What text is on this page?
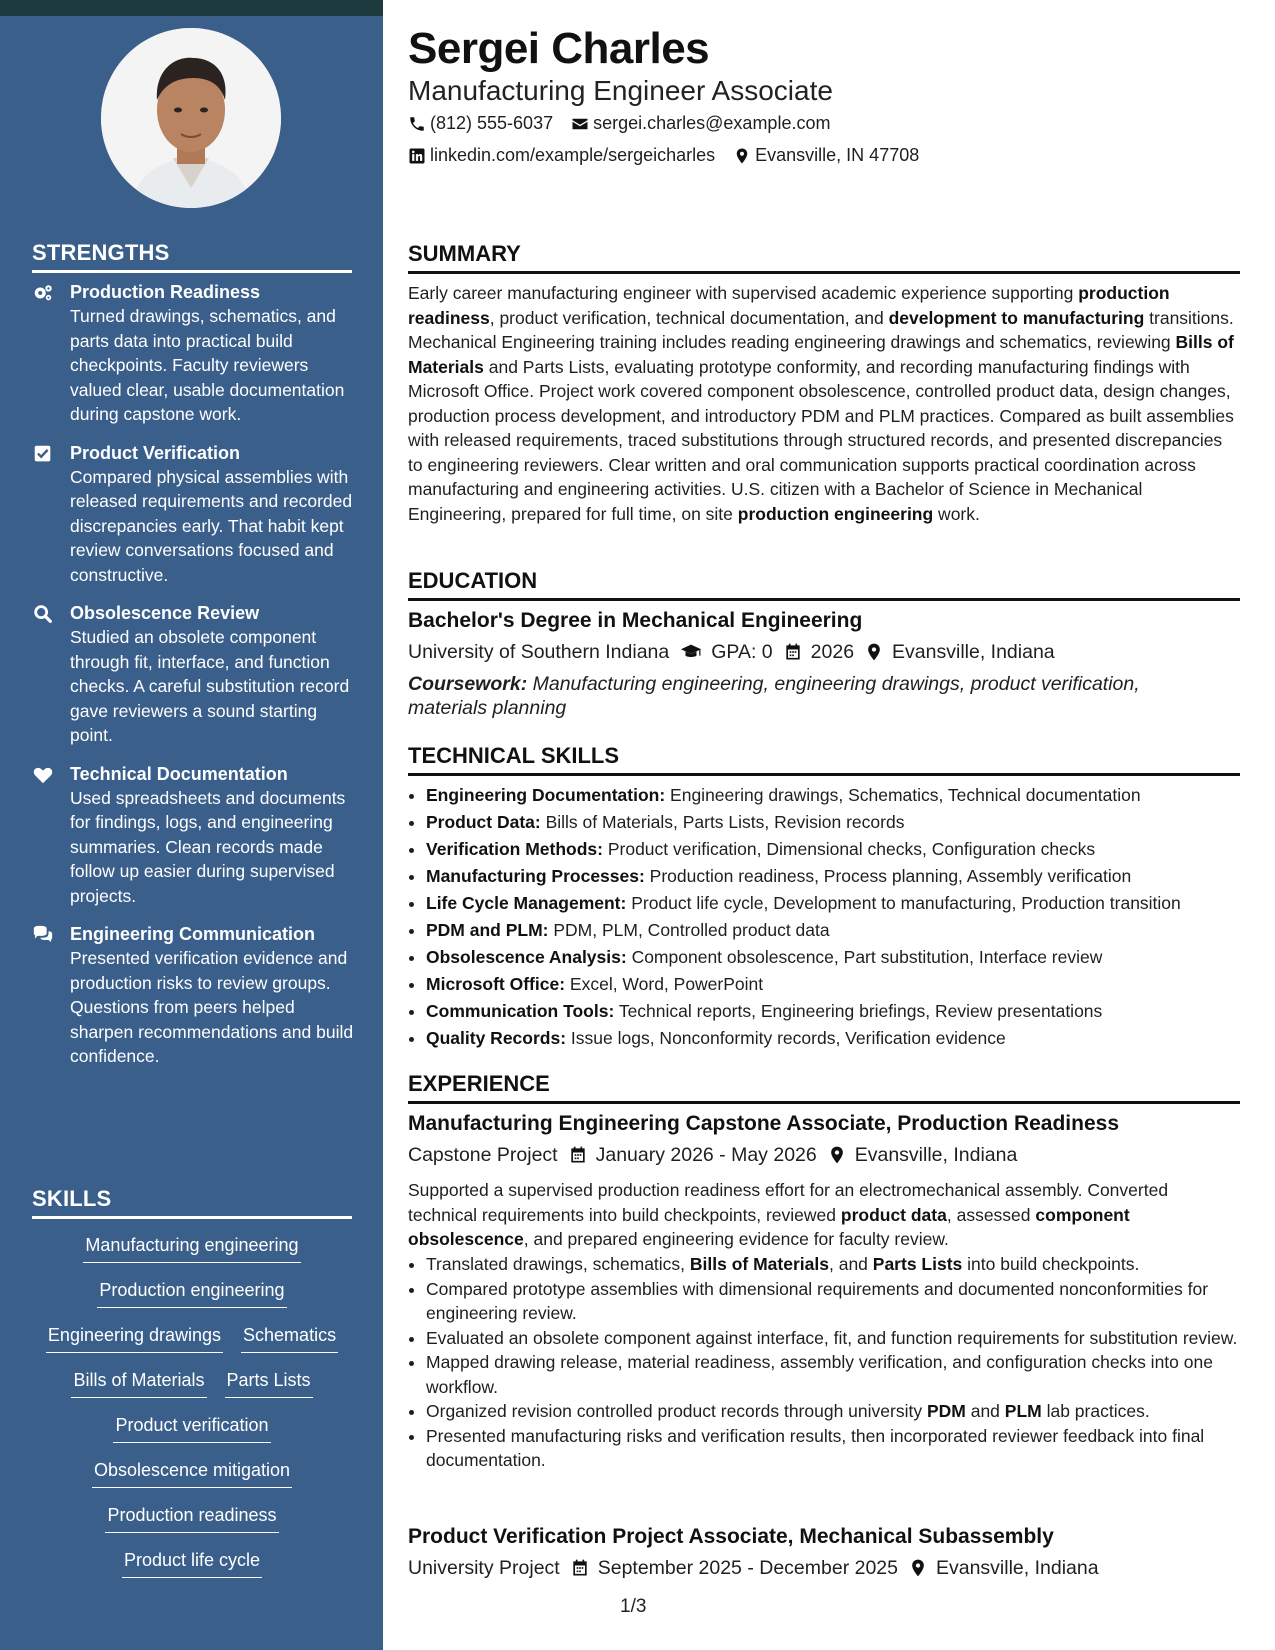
STRENGTHS
Production Readiness
Turned drawings, schematics, and parts data into practical build checkpoints. Faculty reviewers valued clear, usable documentation during capstone work.
Product Verification
Compared physical assemblies with released requirements and recorded discrepancies early. That habit kept review conversations focused and constructive.
Obsolescence Review
Studied an obsolete component through fit, interface, and function checks. A careful substitution record gave reviewers a sound starting point.
Technical Documentation
Used spreadsheets and documents for findings, logs, and engineering summaries. Clean records made follow up easier during supervised projects.
Engineering Communication
Presented verification evidence and production risks to review groups. Questions from peers helped sharpen recommendations and build confidence.
SKILLS
Manufacturing engineering
Production engineering
Engineering drawings Schematics
Bills of Materials Parts Lists
Product verification
Obsolescence mitigation
Production readiness
Product life cycle
Sergei Charles
Manufacturing Engineer Associate
(812) 555-6037 sergei.charles@example.com
linkedin.com/example/sergeicharles Evansville, IN 47708
SUMMARY
Early career manufacturing engineer with supervised academic experience supporting production readiness, product verification, technical documentation, and development to manufacturing transitions. Mechanical Engineering training includes reading engineering drawings and schematics, reviewing Bills of Materials and Parts Lists, evaluating prototype conformity, and recording manufacturing findings with Microsoft Office. Project work covered component obsolescence, controlled product data, design changes, production process development, and introductory PDM and PLM practices. Compared as built assemblies with released requirements, traced substitutions through structured records, and presented discrepancies to engineering reviewers. Clear written and oral communication supports practical coordination across manufacturing and engineering activities. U.S. citizen with a Bachelor of Science in Mechanical Engineering, prepared for full time, on site production engineering work.
EDUCATION
Bachelor's Degree in Mechanical Engineering
University of Southern Indiana GPA: 0 2026 Evansville, Indiana
Coursework: Manufacturing engineering, engineering drawings, product verification, materials planning
TECHNICAL SKILLS
• Engineering Documentation: Engineering drawings, Schematics, Technical documentation
• Product Data: Bills of Materials, Parts Lists, Revision records
• Verification Methods: Product verification, Dimensional checks, Configuration checks
• Manufacturing Processes: Production readiness, Process planning, Assembly verification
• Life Cycle Management: Product life cycle, Development to manufacturing, Production transition
• PDM and PLM: PDM, PLM, Controlled product data
• Obsolescence Analysis: Component obsolescence, Part substitution, Interface review
• Microsoft Office: Excel, Word, PowerPoint
• Communication Tools: Technical reports, Engineering briefings, Review presentations
• Quality Records: Issue logs, Nonconformity records, Verification evidence
EXPERIENCE
Manufacturing Engineering Capstone Associate, Production Readiness
Capstone Project January 2026 - May 2026 Evansville, Indiana
Supported a supervised production readiness effort for an electromechanical assembly. Converted technical requirements into build checkpoints, reviewed product data, assessed component obsolescence, and prepared engineering evidence for faculty review.
• Translated drawings, schematics, Bills of Materials, and Parts Lists into build checkpoints.
• Compared prototype assemblies with dimensional requirements and documented nonconformities for engineering review.
• Evaluated an obsolete component against interface, fit, and function requirements for substitution review.
• Mapped drawing release, material readiness, assembly verification, and configuration checks into one workflow.
• Organized revision controlled product records through university PDM and PLM lab practices.
• Presented manufacturing risks and verification results, then incorporated reviewer feedback into final documentation.
Product Verification Project Associate, Mechanical Subassembly
University Project September 2025 - December 2025 Evansville, Indiana
1/3
